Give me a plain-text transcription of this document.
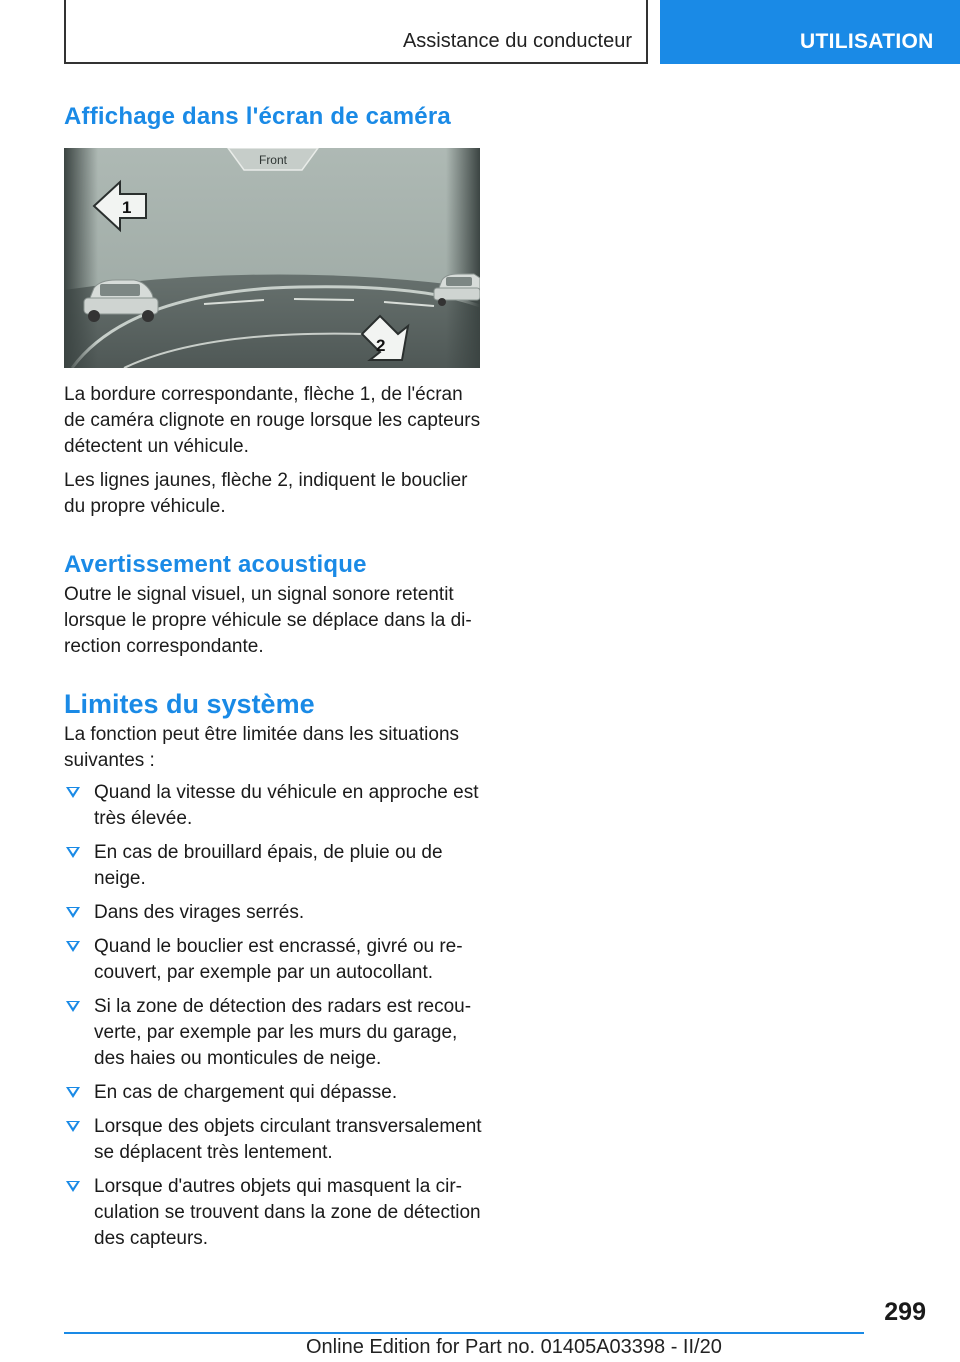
Assistance du conducteur	UTILISATION
Affichage dans l'écran de caméra
Front
1
2

La bordure correspondante, flèche 1, de l'écran de caméra clignote en rouge lorsque les capteurs détectent un véhicule.

Les lignes jaunes, flèche 2, indiquent le bouclier du propre véhicule.

Avertissement acoustique

Outre le signal visuel, un signal sonore retentit lorsque le propre véhicule se déplace dans la direction correspondante.

Limites du système

La fonction peut être limitée dans les situations suivantes :

Quand la vitesse du véhicule en approche est très élevée.
En cas de brouillard épais, de pluie ou de neige.
Dans des virages serrés.
Quand le bouclier est encrassé, givré ou recouvert, par exemple par un autocollant.
Si la zone de détection des radars est recouverte, par exemple par les murs du garage, des haies ou monticules de neige.
En cas de chargement qui dépasse.
Lorsque des objets circulant transversalement se déplacent très lentement.
Lorsque d'autres objets qui masquent la circulation se trouvent dans la zone de détection des capteurs.
299
Online Edition for Part no. 01405A03398 - II/20
